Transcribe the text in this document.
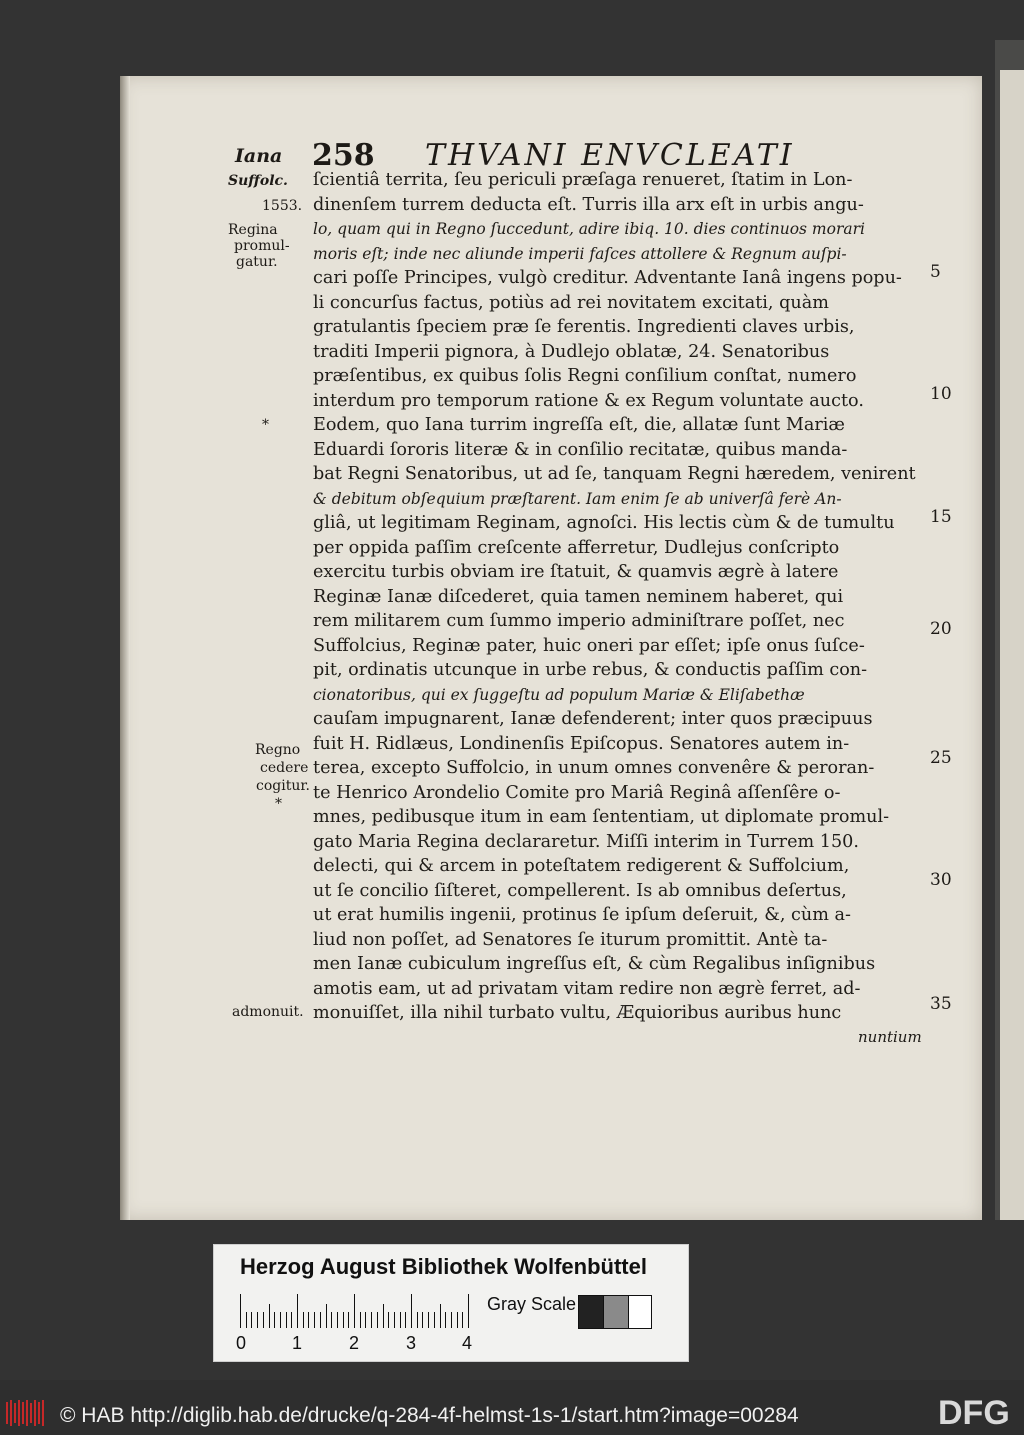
Iana 258 THVANI ENVCLEATI
ſcientiâ territa, ſeu periculi præſaga renueret, ſtatim in Lon-
dinenſem turrem deducta eſt. Turris illa arx eſt in urbis angu-
lo, quam qui in Regno ſuccedunt, adire ibiq. 10. dies continuos morari
moris eſt; inde nec aliunde imperii faſces attollere & Regnum auſpi-
cari poſſe Principes, vulgò creditur. Adventante Ianâ ingens popu-
li concurſus factus, potiùs ad rei novitatem excitati, quàm
gratulantis ſpeciem præ ſe ferentis. Ingredienti claves urbis,
traditi Imperii pignora, à Dudlejo oblatæ, 24. Senatoribus
præſentibus, ex quibus ſolis Regni conſilium conſtat, numero
interdum pro temporum ratione & ex Regum voluntate aucto.
Eodem, quo Iana turrim ingreſſa eſt, die, allatæ ſunt Mariæ
Eduardi ſororis literæ & in conſilio recitatæ, quibus manda-
bat Regni Senatoribus, ut ad ſe, tanquam Regni hæredem, venirent
& debitum obſequium præſtarent. Iam enim ſe ab univerſâ ferè An-
gliâ, ut legitimam Reginam, agnoſci. His lectis cùm & de tumultu
per oppida paſſim creſcente afferretur, Dudlejus conſcripto
exercitu turbis obviam ire ſtatuit, & quamvis ægrè à latere
Reginæ Ianæ diſcederet, quia tamen neminem haberet, qui
rem militarem cum ſummo imperio adminiſtrare poſſet, nec
Suffolcius, Reginæ pater, huic oneri par eſſet; ipſe onus ſuſce-
pit, ordinatis utcunque in urbe rebus, & conductis paſſim con-
cionatoribus, qui ex ſuggeſtu ad populum Mariæ & Eliſabethæ
cauſam impugnarent, Ianæ defenderent; inter quos præcipuus
fuit H. Ridlæus, Londinenſis Epiſcopus. Senatores autem in-
terea, excepto Suffolcio, in unum omnes convenêre & peroran-
te Henrico Arondelio Comite pro Mariâ Reginâ aſſenſêre o-
mnes, pedibusque itum in eam ſententiam, ut diplomate promul-
gato Maria Regina declararetur. Miſſi interim in Turrem 150.
delecti, qui & arcem in poteſtatem redigerent & Suffolcium,
ut ſe concilio ſiſteret, compellerent. Is ab omnibus deſertus,
ut erat humilis ingenii, protinus ſe ipſum deſeruit, &, cùm a-
liud non poſſet, ad Senatores ſe iturum promittit. Antè ta-
men Ianæ cubiculum ingreſſus eſt, & cùm Regalibus inſignibus
amotis eam, ut ad privatam vitam redire non ægrè ferret, ad-
monuiſſet, illa nihil turbato vultu, Æquioribus auribus hunc
Suffolc.
1553.
Regina
promul-
gatur.
*
Regno
cedere
cogitur.
*
admonuit.
5
10
15
20
25
30
35
nuntium
Herzog August Bibliothek Wolfenbüttel
0	1	2	3	4
Gray Scale
© HAB http://diglib.hab.de/drucke/q-284-4f-helmst-1s-1/start.htm?image=00284	DFG
